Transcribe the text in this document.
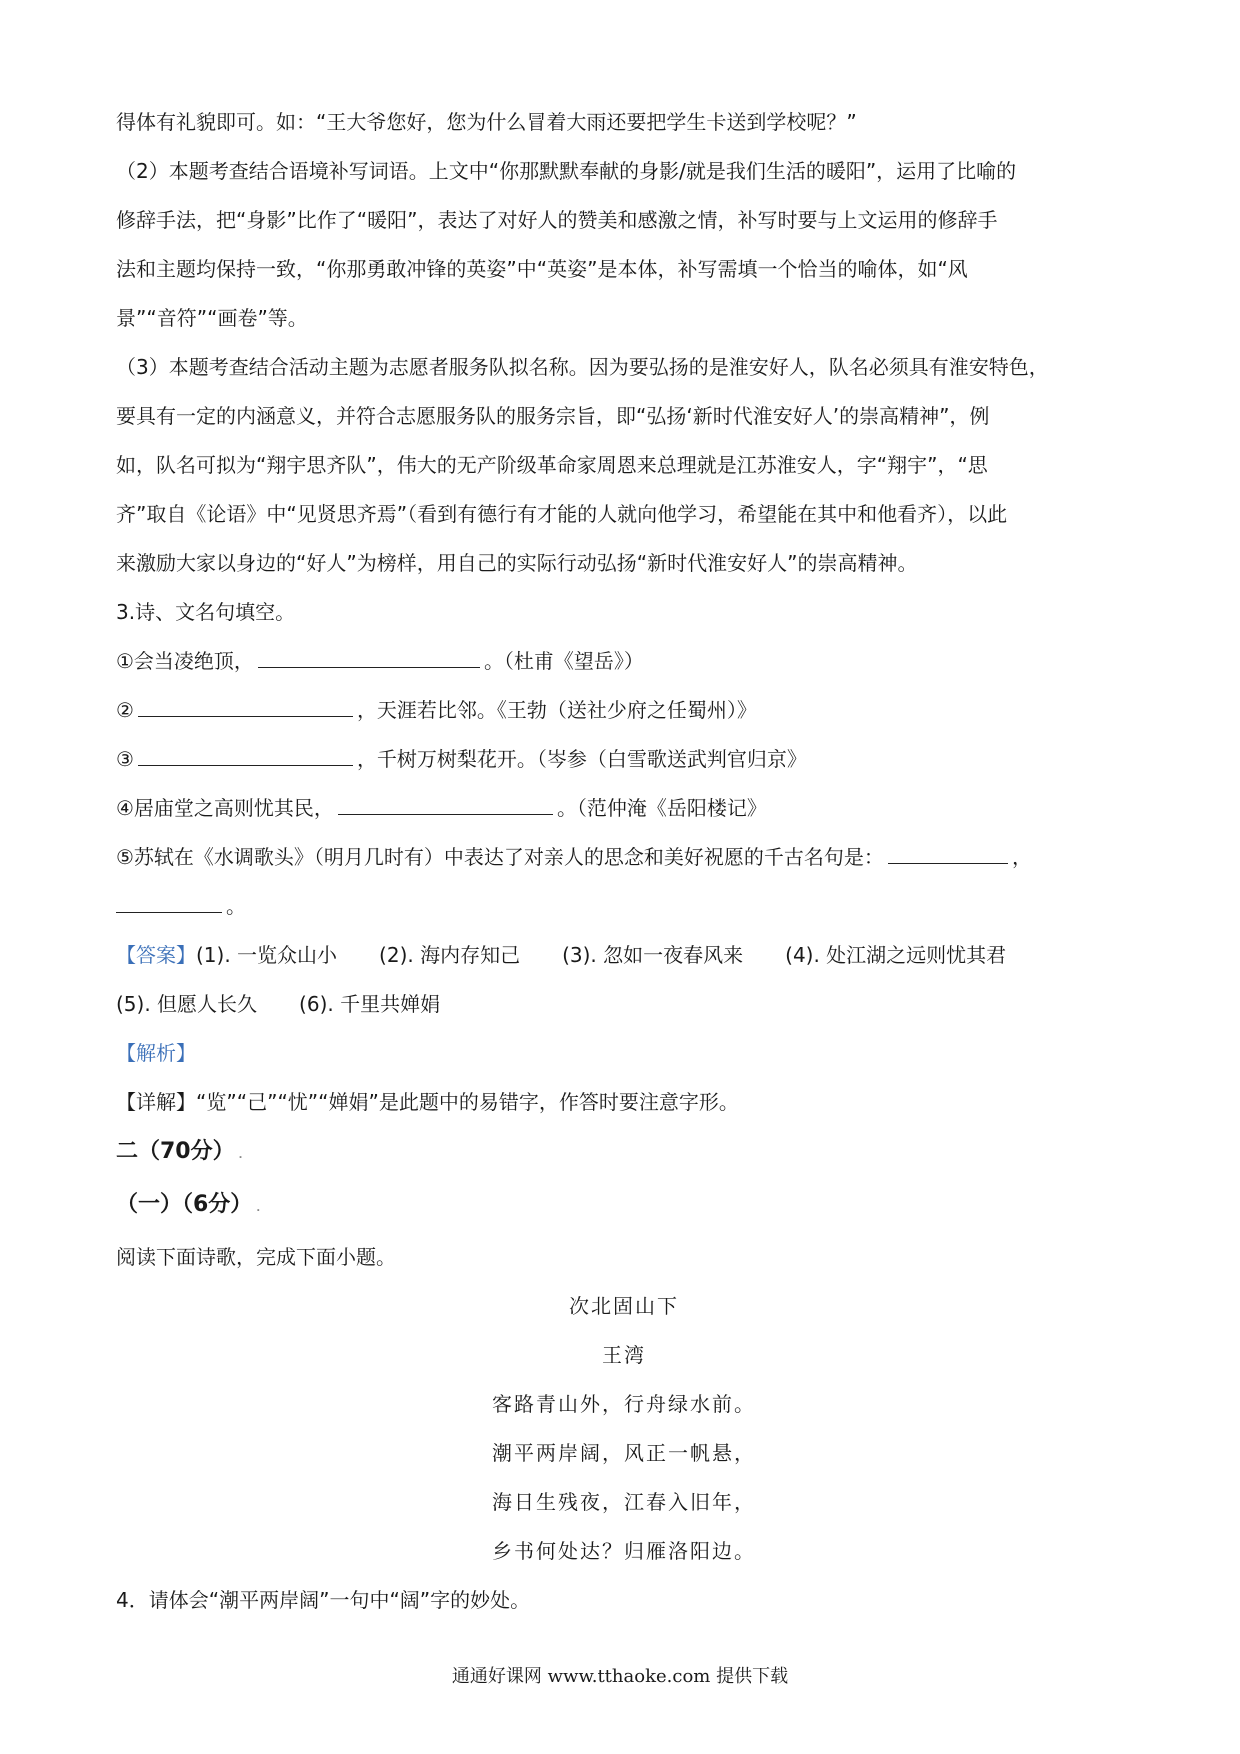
得体有礼貌即可。如：“王大爷您好，您为什么冒着大雨还要把学生卡送到学校呢？”

（2）本题考查结合语境补写词语。上文中“你那默默奉献的身影/就是我们生活的暖阳”，运用了比喻的

修辞手法，把“身影”比作了“暖阳”，表达了对好人的赞美和感激之情，补写时要与上文运用的修辞手

法和主题均保持一致，“你那勇敢冲锋的英姿”中“英姿”是本体，补写需填一个恰当的喻体，如“风

景”“音符”“画卷”等。

（3）本题考查结合活动主题为志愿者服务队拟名称。因为要弘扬的是淮安好人，队名必须具有淮安特色，

要具有一定的内涵意义，并符合志愿服务队的服务宗旨，即“弘扬‘新时代淮安好人’的崇高精神”，例

如，队名可拟为“翔宇思齐队”，伟大的无产阶级革命家周恩来总理就是江苏淮安人，字“翔宇”，“思

齐”取自《论语》中“见贤思齐焉”（看到有德行有才能的人就向他学习，希望能在其中和他看齐），以此

来激励大家以身边的“好人”为榜样，用自己的实际行动弘扬“新时代淮安好人”的崇高精神。

3.诗、文名句填空。

①会当凌绝顶，	。（杜甫《望岳》）

②	，天涯若比邻。《王勃（送社少府之任蜀州）》

③	，千树万树梨花开。（岑参（白雪歌送武判官归京》

④居庙堂之高则忧其民，	。（范仲淹《岳阳楼记》

⑤苏轼在《水调歌头》（明月几时有）中表达了对亲人的思念和美好祝愿的千古名句是：	，
。

【答案】 (1). 一览众山小 (2). 海内存知己 (3). 忽如一夜春风来 (4). 处江湖之远则忧其君
(5). 但愿人长久 (6). 千里共婵娟

【解析】

【详解】“览”“己”“忧”“婵娟”是此题中的易错字，作答时要注意字形。

二（70分） .

（一）（6分） .

阅读下面诗歌，完成下面小题。

次北固山下

王湾

客路青山外，行舟绿水前。

潮平两岸阔，风正一帆悬，

海日生残夜，江春入旧年，

乡书何处达？归雁洛阳边。

4．请体会“潮平两岸阔”一句中“阔”字的妙处。

通通好课网 www.tthaoke.com 提供下载
